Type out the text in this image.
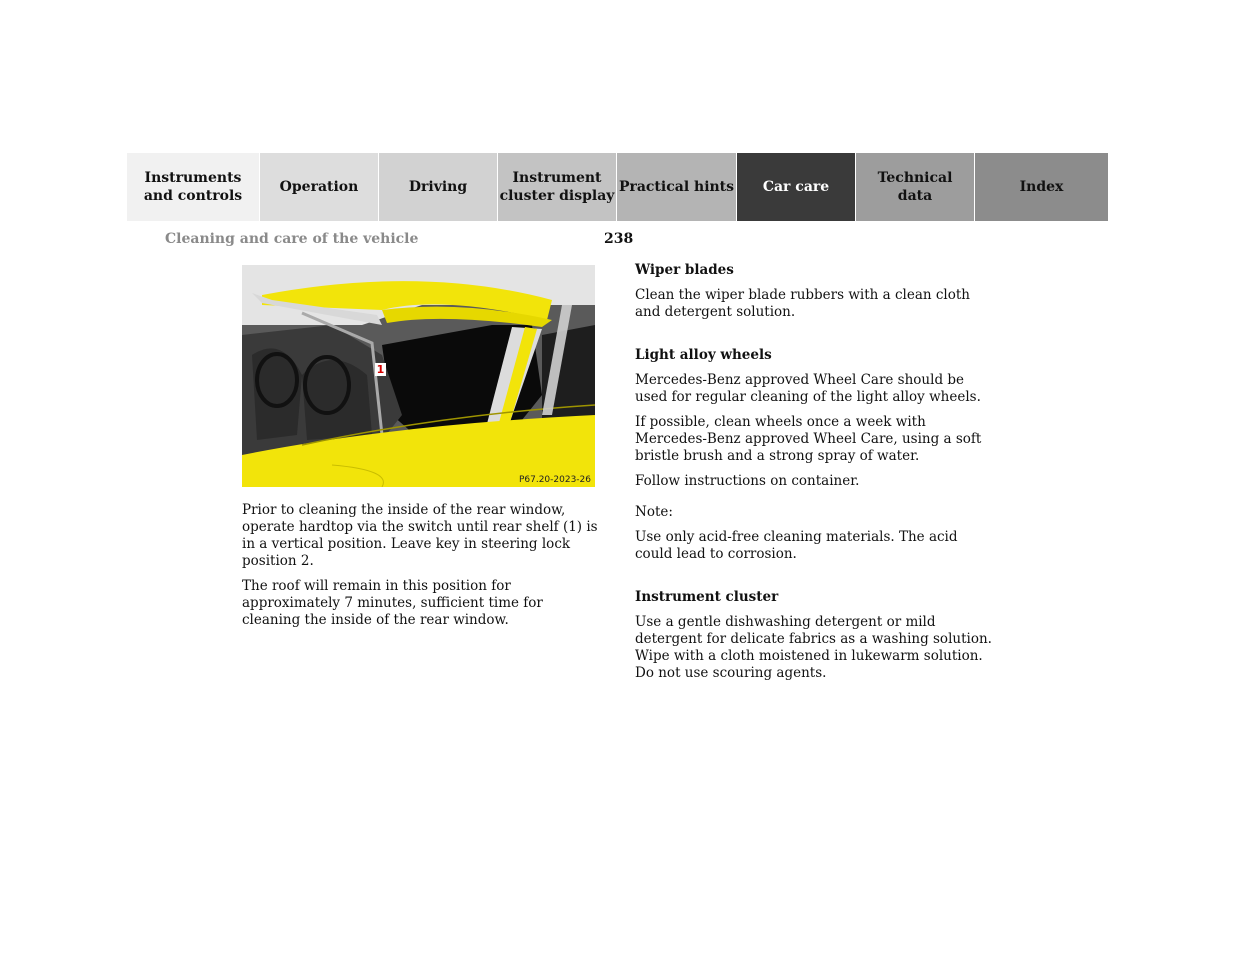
Instruments
and controls
Operation	Driving
Instrument
cluster display
Practical hints	Car care
Technical
data
Index
Cleaning and care of the vehicle	238
1
P67.20-2023-26

Prior to cleaning the inside of the rear window, operate hardtop via the switch until rear shelf (1) is in a vertical position. Leave key in steering lock position 2.

The roof will remain in this position for approximately 7 minutes, sufficient time for cleaning the inside of the rear window.

Wiper blades

Clean the wiper blade rubbers with a clean cloth and detergent solution.

Light alloy wheels

Mercedes-Benz approved Wheel Care should be used for regular cleaning of the light alloy wheels.

If possible, clean wheels once a week with Mercedes-Benz approved Wheel Care, using a soft bristle brush and a strong spray of water.

Follow instructions on container.

Note:

Use only acid-free cleaning materials. The acid could lead to corrosion.

Instrument cluster

Use a gentle dishwashing detergent or mild detergent for delicate fabrics as a washing solution. Wipe with a cloth moistened in lukewarm solution. Do not use scouring agents.
